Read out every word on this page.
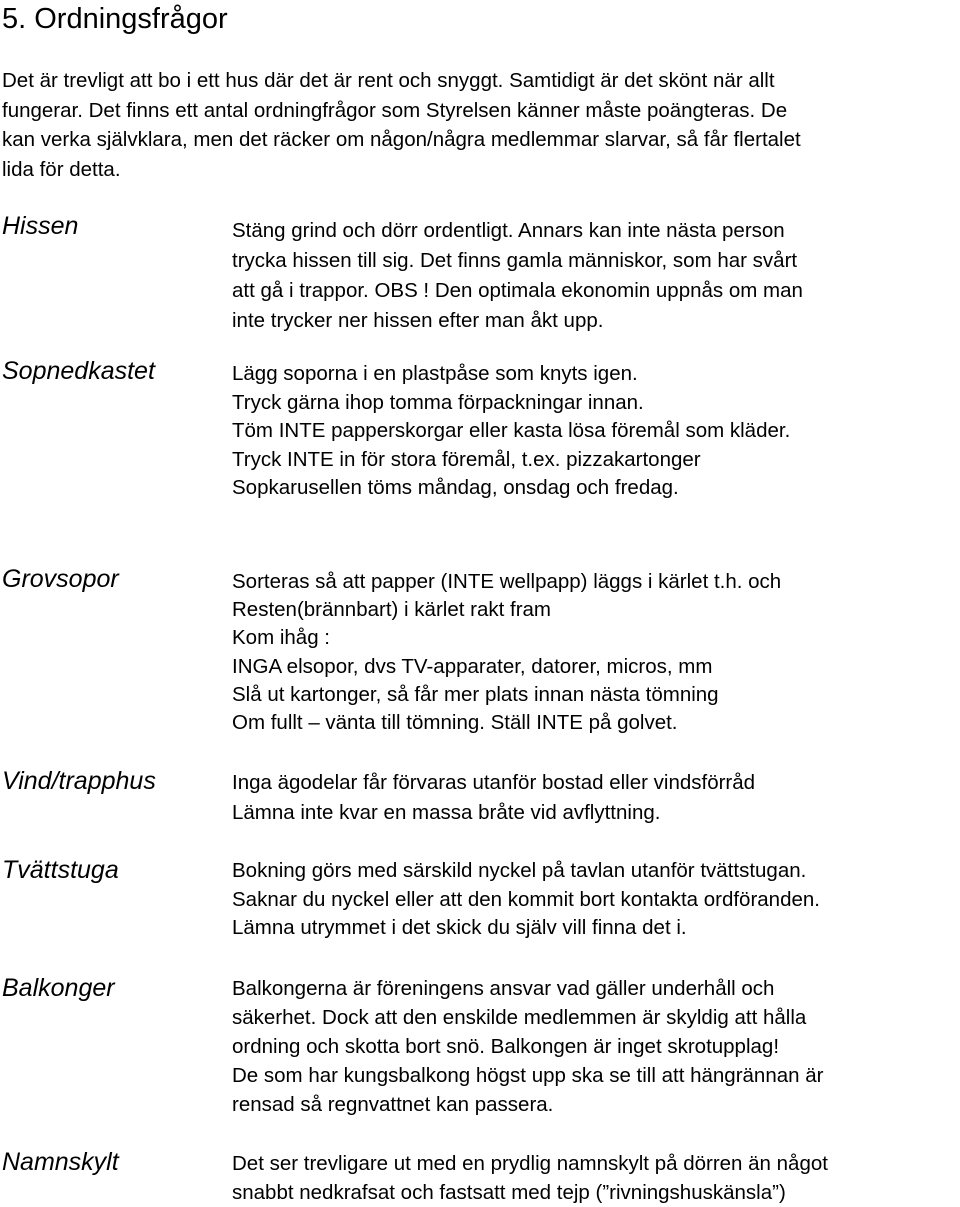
5. Ordningsfrågor
Det är trevligt att bo i ett hus där det är rent och snyggt. Samtidigt är det skönt när allt
fungerar. Det finns ett antal ordningfrågor som Styrelsen känner måste poängteras. De
kan verka självklara, men det räcker om någon/några medlemmar slarvar, så får flertalet
lida för detta.
Hissen	Stäng grind och dörr ordentligt. Annars kan inte nästa person
trycka hissen till sig. Det finns gamla människor, som har svårt
att gå i trappor. OBS ! Den optimala ekonomin uppnås om man
inte trycker ner hissen efter man åkt upp.
Sopnedkastet	Lägg soporna i en plastpåse som knyts igen.
Tryck gärna ihop tomma förpackningar innan.
Töm INTE papperskorgar eller kasta lösa föremål som kläder.
Tryck INTE in för stora föremål, t.ex. pizzakartonger
Sopkarusellen töms måndag, onsdag och fredag.
Grovsopor	Sorteras så att papper (INTE wellpapp) läggs i kärlet t.h. och
Resten(brännbart) i kärlet rakt fram
Kom ihåg :
INGA elsopor, dvs TV-apparater, datorer, micros, mm
Slå ut kartonger, så får mer plats innan nästa tömning
Om fullt – vänta till tömning. Ställ INTE på golvet.
Vind/trapphus	Inga ägodelar får förvaras utanför bostad eller vindsförråd
Lämna inte kvar en massa bråte vid avflyttning.
Tvättstuga	Bokning görs med särskild nyckel på tavlan utanför tvättstugan.
Saknar du nyckel eller att den kommit bort kontakta ordföranden.
Lämna utrymmet i det skick du själv vill finna det i.
Balkonger	Balkongerna är föreningens ansvar vad gäller underhåll och
säkerhet. Dock att den enskilde medlemmen är skyldig att hålla
ordning och skotta bort snö. Balkongen är inget skrotupplag!
De som har kungsbalkong högst upp ska se till att hängrännan är
rensad så regnvattnet kan passera.
Namnskylt	Det ser trevligare ut med en prydlig namnskylt på dörren än något
snabbt nedkrafsat och fastsatt med tejp (”rivningshuskänsla”)
